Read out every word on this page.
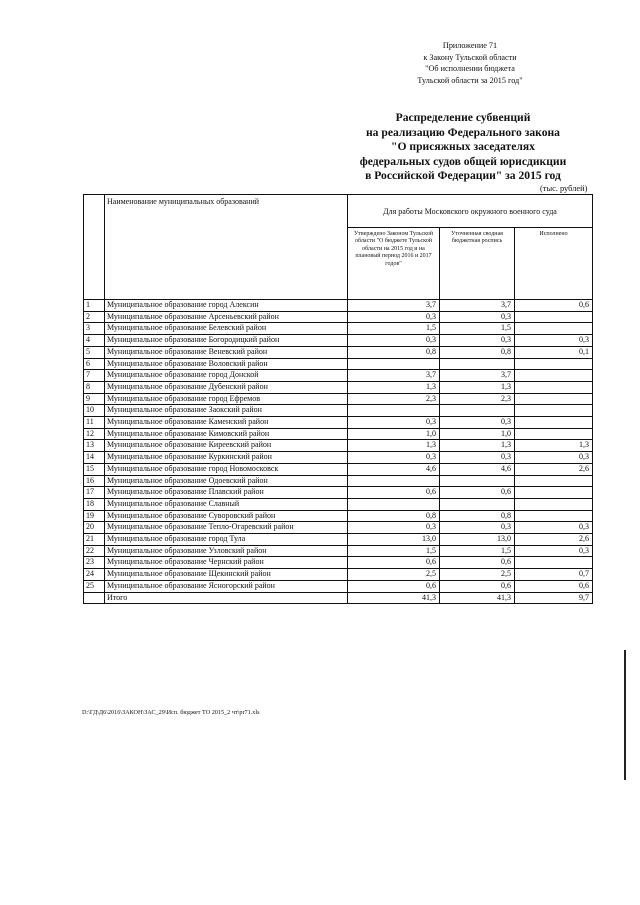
Приложение 71
к Закону Тульской области
"Об исполнении бюджета
Тульской области за 2015 год"
Распределение субвенций
на реализацию Федерального закона
"О присяжных заседателях
федеральных судов общей юрисдикции
в Российской Федерации" за 2015 год
(тыс. рублей)
	Наименование муниципальных образований	Для работы Московского окружного военного суда		
		Утверждено Законом Тульской области "О бюджете Тульской области на 2015 год и на плановый период 2016 и 2017 годов"	Уточненная сводная бюджетная роспись	Исполнено
1	Муниципальное образование город Алексин	3,7	3,7	0,6
2	Муниципальное образование Арсеньевский район	0,3	0,3	
3	Муниципальное образование Белевский район	1,5	1,5	
4	Муниципальное образование Богородицкий район	0,3	0,3	0,3
5	Муниципальное образование Веневский район	0,8	0,8	0,1
6	Муниципальное образование Воловский район			
7	Муниципальное образование город Донской	3,7	3,7	
8	Муниципальное образование Дубенский район	1,3	1,3	
9	Муниципальное образование город Ефремов	2,3	2,3	
10	Муниципальное образование Заокский район			
11	Муниципальное образование Каменский район	0,3	0,3	
12	Муниципальное образование Кимовский район	1,0	1,0	
13	Муниципальное образование Киреевский район	1,3	1,3	1,3
14	Муниципальное образование Куркинский район	0,3	0,3	0,3
15	Муниципальное образование город Новомосковск	4,6	4,6	2,6
16	Муниципальное образование Одоевский район			
17	Муниципальное образование Плавский район	0,6	0,6	
18	Муниципальное образование Славный			
19	Муниципальное образование Суворовский район	0,8	0,8	
20	Муниципальное образование Тепло-Огаревский район	0,3	0,3	0,3
21	Муниципальное образование город Тула	13,0	13,0	2,6
22	Муниципальное образование Узловский район	1,5	1,5	0,3
23	Муниципальное образование Чернский район	0,6	0,6	
24	Муниципальное образование Щекинский район	2,5	2,5	0,7
25	Муниципальное образование Ясногорский район	0,6	0,6	0,6
	Итого	41,3	41,3	9,7
D:\ГД\Д6\2016\ЗАКОН\ЗАС_29\Исп. бюджет ТО 2015_2 чт\pr71.xls
